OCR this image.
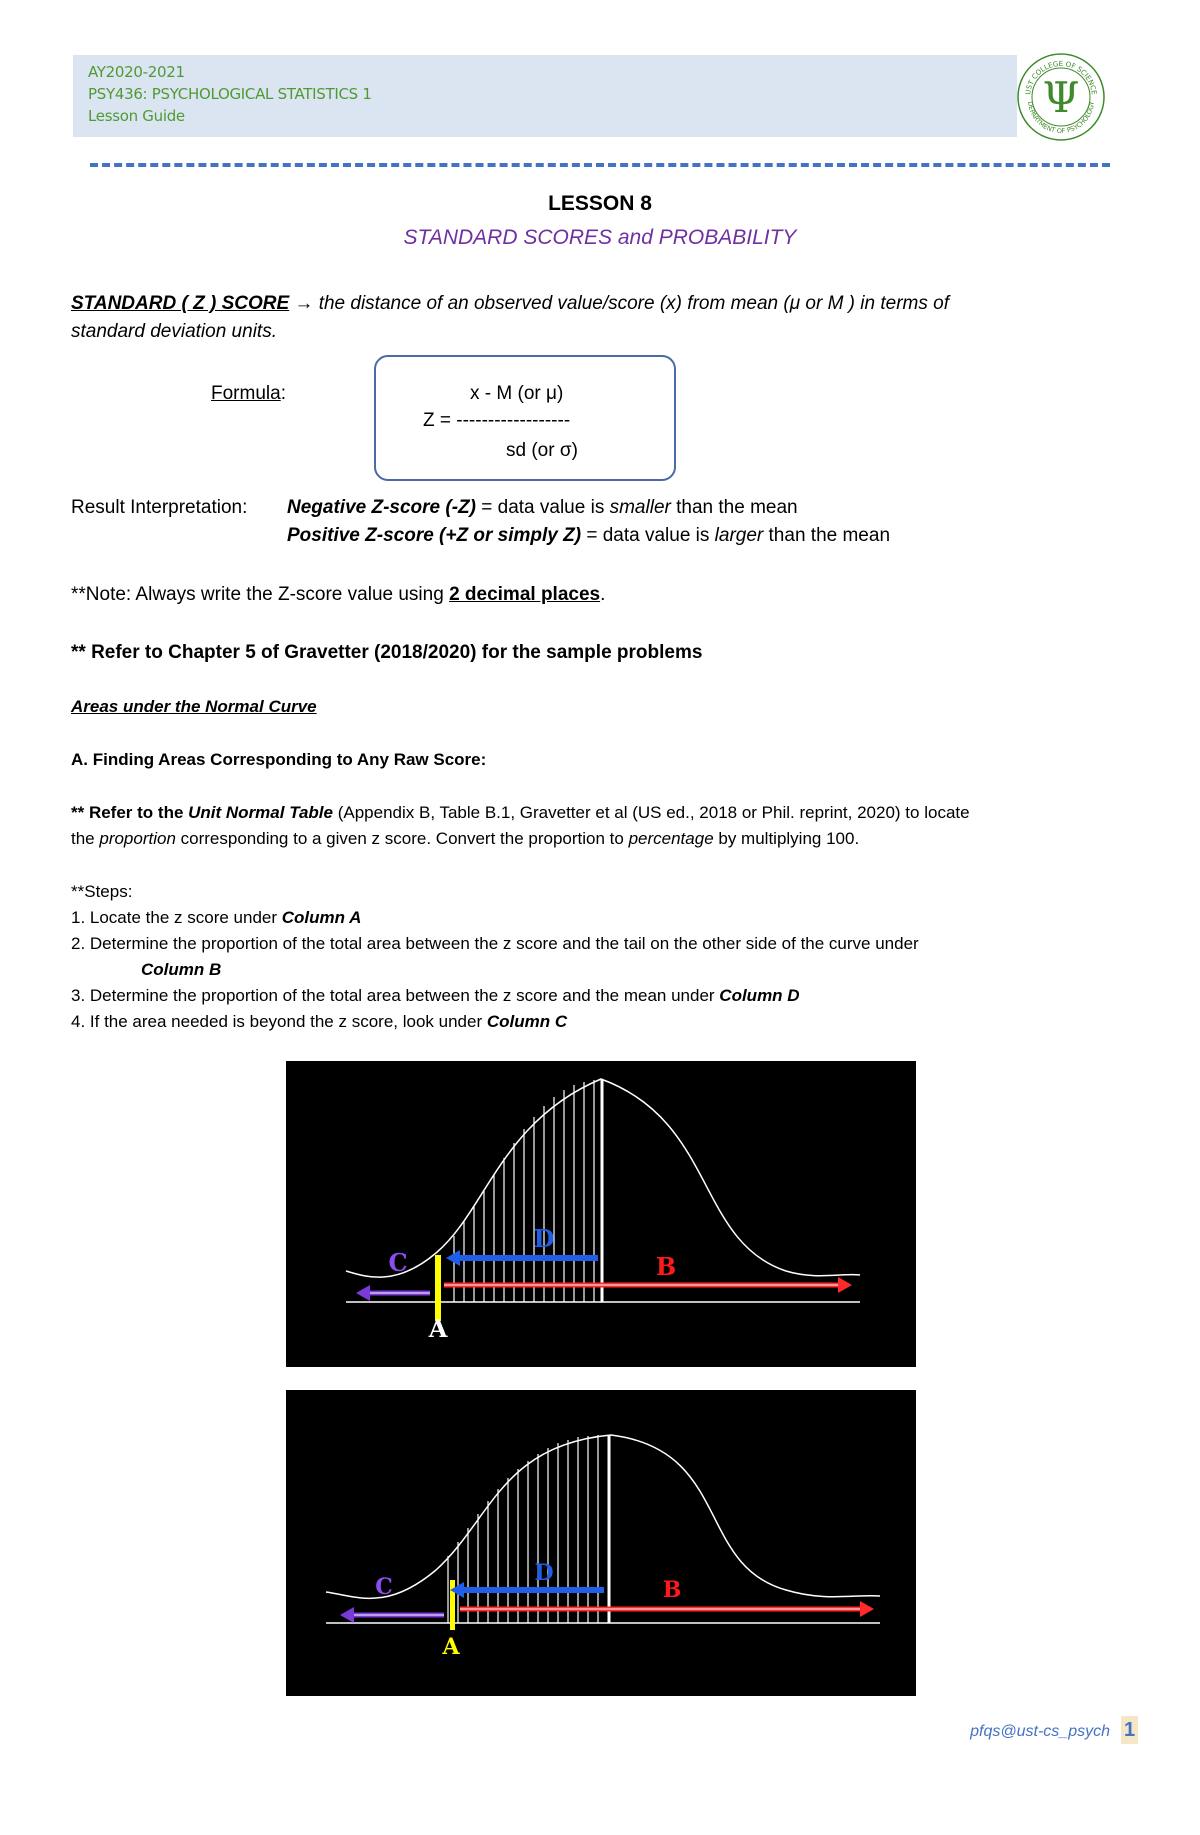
AY2020-2021
PSY436: PSYCHOLOGICAL STATISTICS 1
Lesson Guide
UST COLLEGE OF SCIENCE
DEPARTMENT OF PSYCHOLOGY
Ψ
LESSON 8
STANDARD SCORES and PROBABILITY
STANDARD ( Z ) SCORE → the distance of an observed value/score (x) from mean (μ or M ) in terms of
standard deviation units.
Formula:	x - M (or μ)
Z = ------------------
sd (or σ)
Result Interpretation: Negative Z-score (-Z) = data value is smaller than the mean
Positive Z-score (+Z or simply Z) = data value is larger than the mean
**Note: Always write the Z-score value using 2 decimal places.
** Refer to Chapter 5 of Gravetter (2018/2020) for the sample problems
Areas under the Normal Curve
A. Finding Areas Corresponding to Any Raw Score:
** Refer to the Unit Normal Table (Appendix B, Table B.1, Gravetter et al (US ed., 2018 or Phil. reprint, 2020) to locate
the proportion corresponding to a given z score. Convert the proportion to percentage by multiplying 100.
**Steps:
1. Locate the z score under Column A
2. Determine the proportion of the total area between the z score and the tail on the other side of the curve under
Column B
3. Determine the proportion of the total area between the z score and the mean under Column D
4. If the area needed is beyond the z score, look under Column C
A
B
C
D
A
B
C
D
pfqs@ust-cs_psych 1
